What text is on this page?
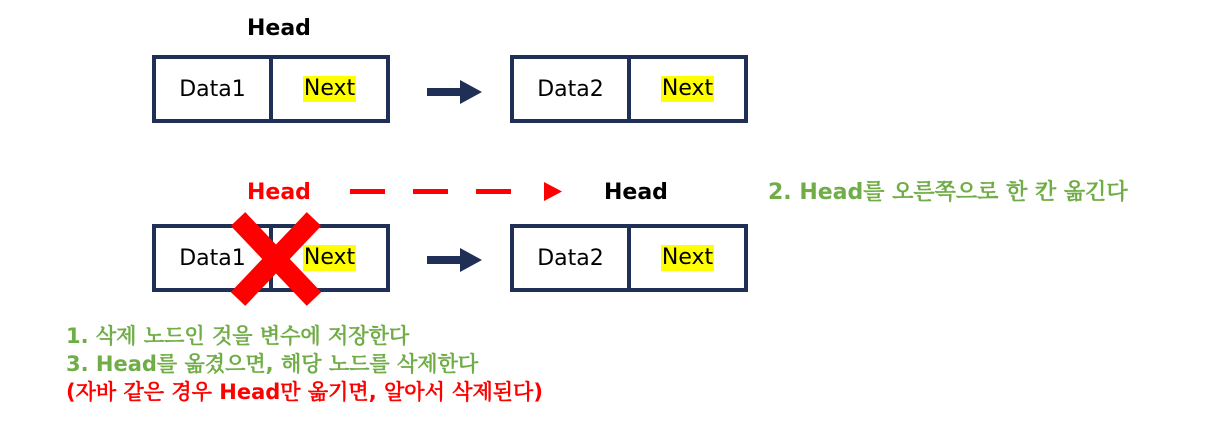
Head
Data1	Next	Data2	Next
Head	Head	2. Head를 오른쪽으로 한 칸 옮긴다
Data1	Next	Data2	Next
1. 삭제 노드인 것을 변수에 저장한다
3. Head를 옮겼으면, 해당 노드를 삭제한다
(자바 같은 경우 Head만 옮기면, 알아서 삭제된다)
